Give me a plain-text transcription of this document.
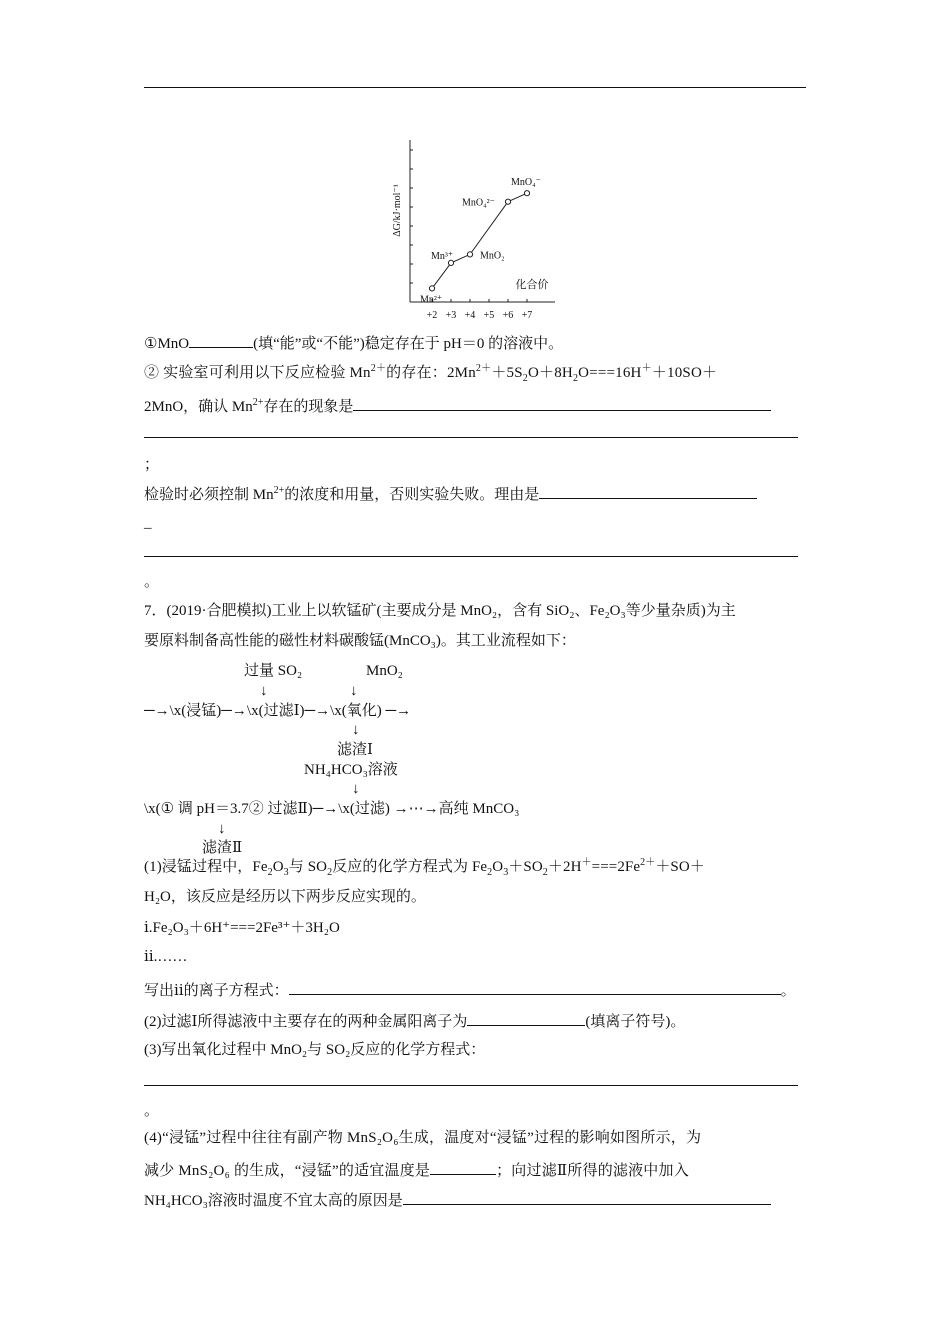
+2 +3 +4 +5 +6 +7
ΔG/kJ·mol⁻¹
化合价
Mn²⁺
Mn³⁺	MnO₂
MnO₄²⁻
MnO₄⁻
①MnO	(填“能”或“不能”)稳定存在于 pH＝0 的溶液中。
② 实验室可利用以下反应检验 $Mn^{2+}$的存在：$2Mn^{2+}+5S_2O+8H_2O===16H^++10SO+$
2MnO，确认 $Mn^{2+}$存在的现象是
；
检验时必须控制 $Mn^{2+}$的浓度和用量，否则实验失败。理由是
_
。
7．(2019·合肥模拟)工业上以软锰矿(主要成分是 MnO₂，含有 SiO₂、Fe₂O₃等少量杂质)为主
要原料制备高性能的磁性材料碳酸锰(MnCO₃)。其工业流程如下：
过量 SO₂	MnO₂
↓	↓
─→\x(浸锰)─→\x(过滤Ⅰ)─→\x(氧化) ─→
↓
滤渣Ⅰ
NH₄HCO₃溶液
↓
\x(① 调 pH＝3.7② 过滤Ⅱ)─→\x(过滤) →⋯→高纯 MnCO₃
↓
滤渣Ⅱ
(1)浸锰过程中，$Fe_2O_3$与 $SO_2$反应的化学方程式为 $Fe_2O_3+SO_2+2H^+===2Fe^{2+}+SO+$
H₂O，该反应是经历以下两步反应实现的。
ⅰ.Fe₂O₃＋6H⁺===2Fe³⁺＋3H₂O
ⅱ.……
写出ⅱ的离子方程式：	。
(2)过滤Ⅰ所得滤液中主要存在的两种金属阳离子为	(填离子符号)。
(3)写出氧化过程中 MnO₂与 SO₂反应的化学方程式：
。
(4)“浸锰”过程中往往有副产物 MnS₂O₆生成，温度对“浸锰”过程的影响如图所示，为
减少 MnS₂O₆ 的生成，“浸锰”的适宜温度是	；向过滤Ⅱ所得的滤液中加入
NH₄HCO₃溶液时温度不宜太高的原因是
